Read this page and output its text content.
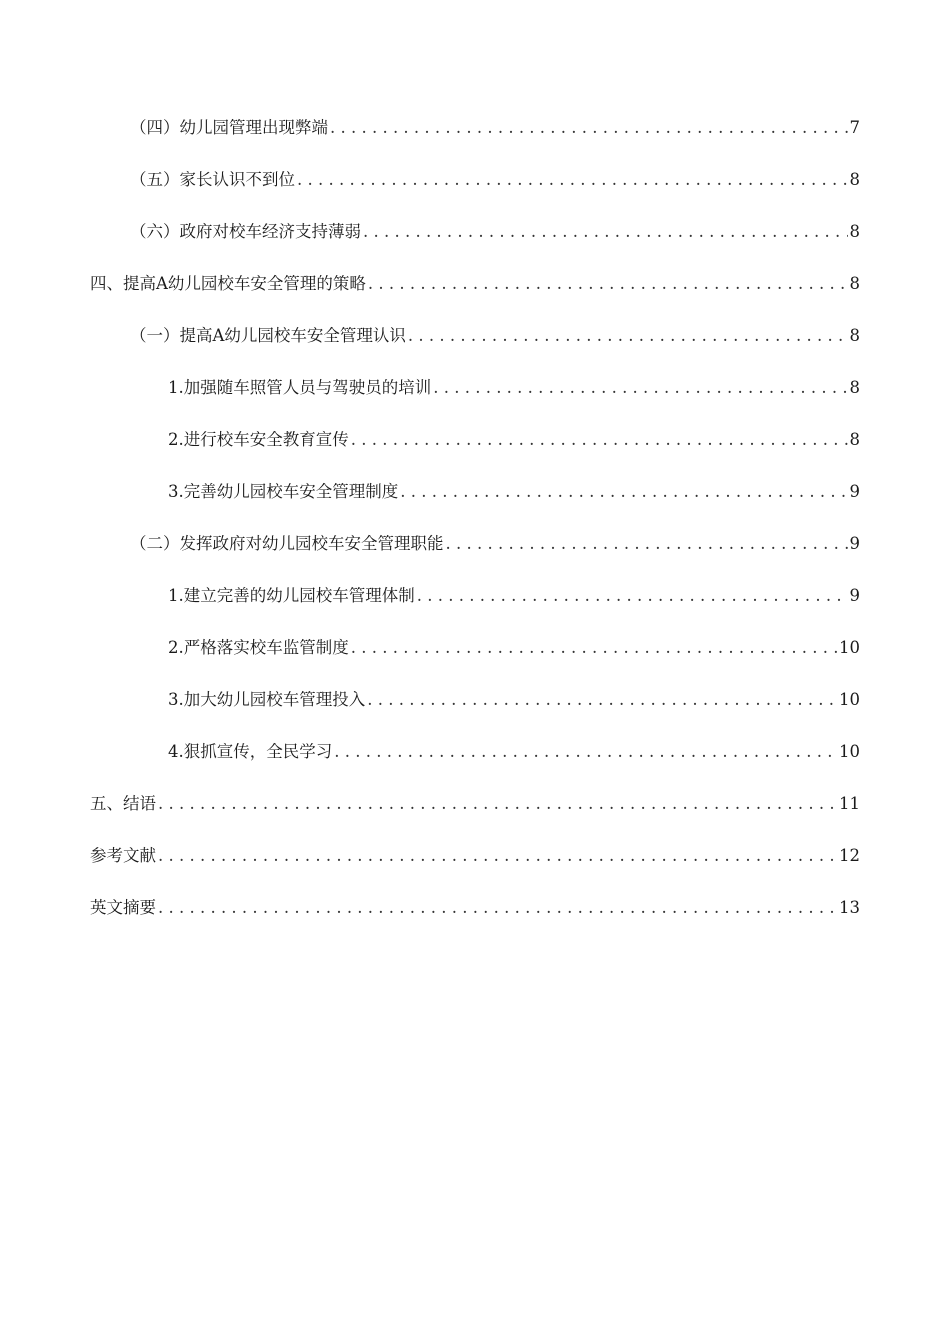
（四）幼儿园管理出现弊端 . . .	7
（五）家长认识不到位 . . .	8
（六）政府对校车经济支持薄弱 . . .	8
四、提高A幼儿园校车安全管理的策略 . . .	8
（一）提高A幼儿园校车安全管理认识 . . .	8
1.加强随车照管人员与驾驶员的培训 . . .	8
2.进行校车安全教育宣传 . . .	8
3.完善幼儿园校车安全管理制度 . . .	9
（二）发挥政府对幼儿园校车安全管理职能 . . .	9
1.建立完善的幼儿园校车管理体制 . . .	9
2.严格落实校车监管制度 . . .	10
3.加大幼儿园校车管理投入 . . .	10
4.狠抓宣传，全民学习 . . .	10
五、结语 . . .	11
参考文献 . . .	12
英文摘要 . . .	13
